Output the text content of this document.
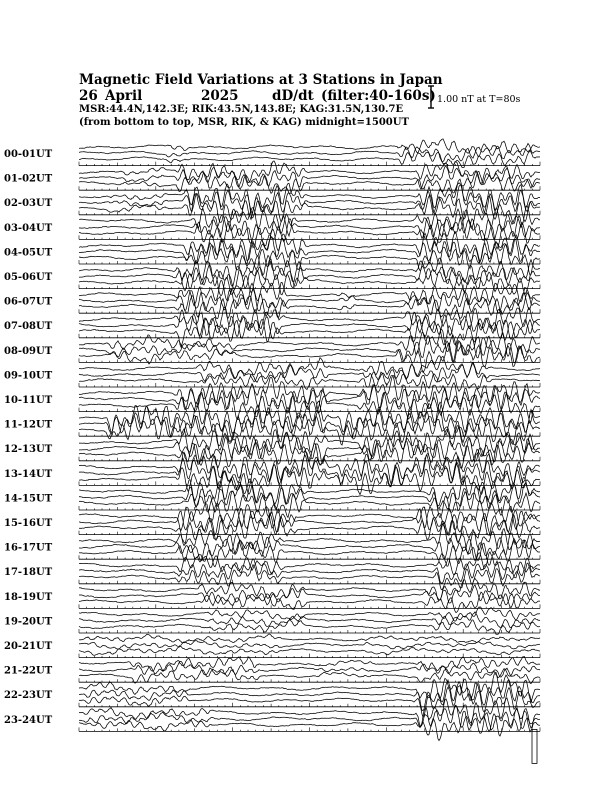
Magnetic Field Variations at 3 Stations in Japan
26 April	2025 dD/dt (filter:40-160s)
MSR:44.4N,142.3E; RIK:43.5N,143.8E; KAG:31.5N,130.7E
(from bottom to top, MSR, RIK, & KAG) midnight=1500UT
1.00 nT at T=80s
00-01UT
01-02UT
02-03UT
03-04UT
04-05UT
05-06UT
06-07UT
07-08UT
08-09UT
09-10UT
10-11UT
11-12UT
12-13UT
13-14UT
14-15UT
15-16UT
16-17UT
17-18UT
18-19UT
19-20UT
20-21UT
21-22UT
22-23UT
23-24UT
